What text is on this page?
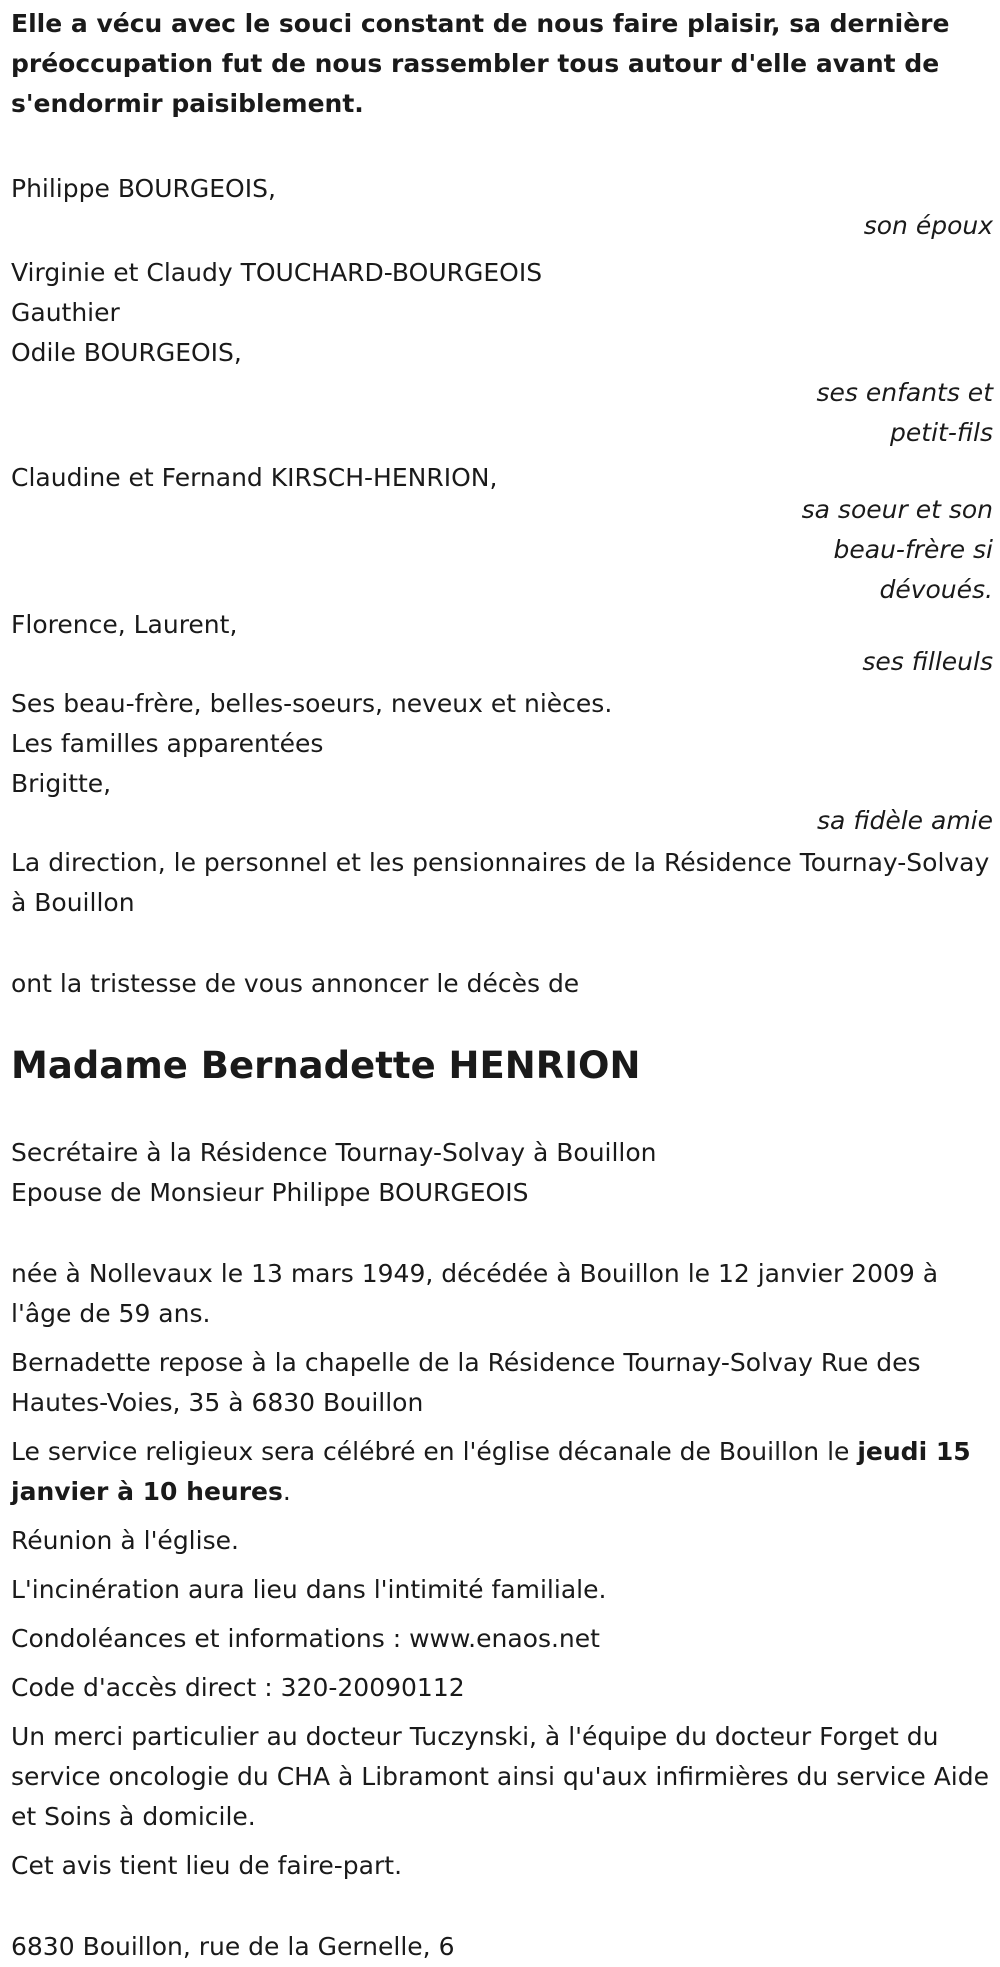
Elle a vécu avec le souci constant de nous faire plaisir, sa dernière préoccupation fut de nous rassembler tous autour d'elle avant de s'endormir paisiblement.

Philippe BOURGEOIS,
son époux
Virginie et Claudy TOUCHARD-BOURGEOIS
Gauthier
Odile BOURGEOIS,
ses enfants et
petit-fils
Claudine et Fernand KIRSCH-HENRION,
sa soeur et son
beau-frère si
dévoués.
Florence, Laurent,
ses filleuls
Ses beau-frère, belles-soeurs, neveux et nièces.
Les familles apparentées
Brigitte,
sa fidèle amie
La direction, le personnel et les pensionnaires de la Résidence Tournay-Solvay à Bouillon

ont la tristesse de vous annoncer le décès de

Madame Bernadette HENRION

Secrétaire à la Résidence Tournay-Solvay à Bouillon
Epouse de Monsieur Philippe BOURGEOIS

née à Nollevaux le 13 mars 1949, décédée à Bouillon le 12 janvier 2009 à l'âge de 59 ans.

Bernadette repose à la chapelle de la Résidence Tournay-Solvay Rue des Hautes-Voies, 35 à 6830 Bouillon

Le service religieux sera célébré en l'église décanale de Bouillon le jeudi 15 janvier à 10 heures.

Réunion à l'église.

L'incinération aura lieu dans l'intimité familiale.

Condoléances et informations : www.enaos.net

Code d'accès direct : 320-20090112

Un merci particulier au docteur Tuczynski, à l'équipe du docteur Forget du service oncologie du CHA à Libramont ainsi qu'aux infirmières du service Aide et Soins à domicile.

Cet avis tient lieu de faire-part.

6830 Bouillon, rue de la Gernelle, 6
